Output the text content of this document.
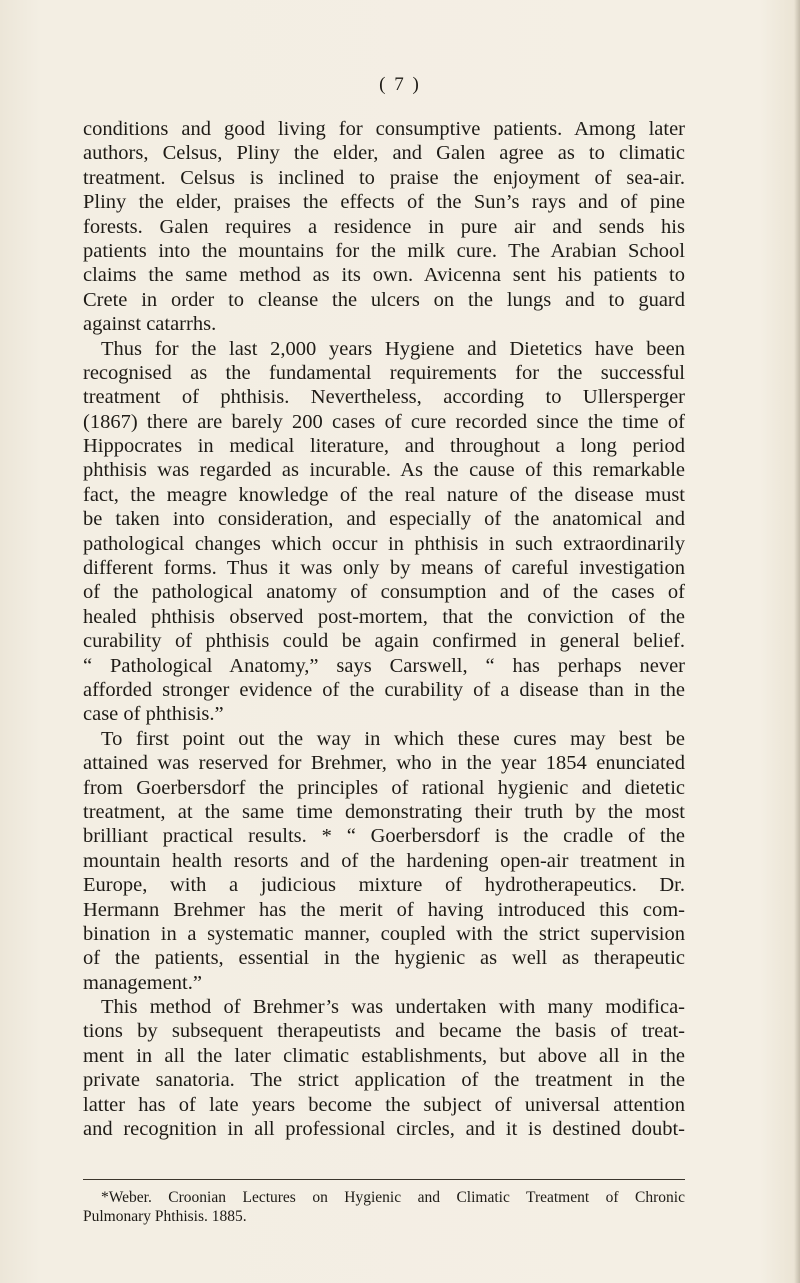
( 7 )

conditions and good living for consumptive patients. Among later

authors, Celsus, Pliny the elder, and Galen agree as to climatic

treatment. Celsus is inclined to praise the enjoyment of sea-air.

Pliny the elder, praises the effects of the Sun’s rays and of pine

forests. Galen requires a residence in pure air and sends his

patients into the mountains for the milk cure. The Arabian School

claims the same method as its own. Avicenna sent his patients to

Crete in order to cleanse the ulcers on the lungs and to guard

against catarrhs.

Thus for the last 2,000 years Hygiene and Dietetics have been

recognised as the fundamental requirements for the successful

treatment of phthisis. Nevertheless, according to Ullersperger

(1867) there are barely 200 cases of cure recorded since the time of

Hippocrates in medical literature, and throughout a long period

phthisis was regarded as incurable. As the cause of this remarkable

fact, the meagre knowledge of the real nature of the disease must

be taken into consideration, and especially of the anatomical and

pathological changes which occur in phthisis in such extraordinarily

different forms. Thus it was only by means of careful investigation

of the pathological anatomy of consumption and of the cases of

healed phthisis observed post-mortem, that the conviction of the

curability of phthisis could be again confirmed in general belief.

“ Pathological Anatomy,” says Carswell, “ has perhaps never

afforded stronger evidence of the curability of a disease than in the

case of phthisis.”

To first point out the way in which these cures may best be

attained was reserved for Brehmer, who in the year 1854 enunciated

from Goerbersdorf the principles of rational hygienic and dietetic

treatment, at the same time demonstrating their truth by the most

brilliant practical results. * “ Goerbersdorf is the cradle of the

mountain health resorts and of the hardening open-air treatment in

Europe, with a judicious mixture of hydrotherapeutics. Dr.

Hermann Brehmer has the merit of having introduced this com-

bination in a systematic manner, coupled with the strict supervision

of the patients, essential in the hygienic as well as therapeutic

management.”

This method of Brehmer’s was undertaken with many modifica-

tions by subsequent therapeutists and became the basis of treat-

ment in all the later climatic establishments, but above all in the

private sanatoria. The strict application of the treatment in the

latter has of late years become the subject of universal attention

and recognition in all professional circles, and it is destined doubt-

*Weber. Croonian Lectures on Hygienic and Climatic Treatment of Chronic

Pulmonary Phthisis. 1885.
